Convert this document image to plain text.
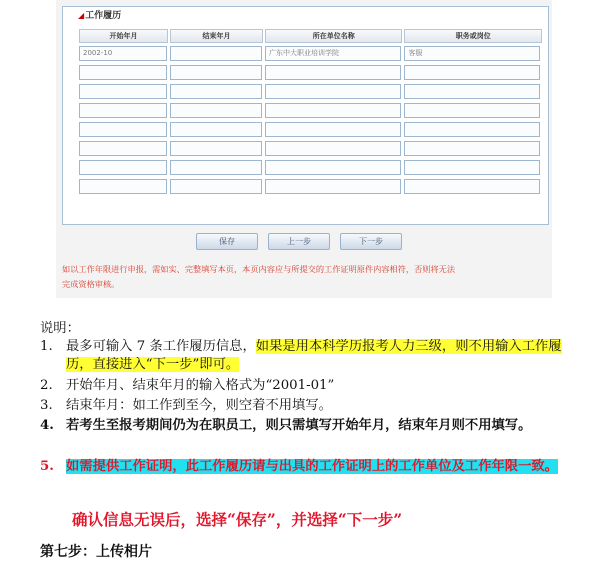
◢工作履历
开始年月	结束年月	所在单位名称	职务或岗位

2002-10		广东中大职业培训学院	客服

保存	上一步	下一步
如以工作年限进行申报，需如实、完整填写本页，本页内容应与所提交的工作证明原件内容相符，否则将无法
完成资格审核。
说明：
1. 最多可输入 7 条工作履历信息，如果是用本科学历报考人力三级，则不用输入工作履历，直接进入“下一步”即可。
2. 开始年月、结束年月的输入格式为“2001-01”
3. 结束年月：如工作到至今，则空着不用填写。
4. 若考生至报考期间仍为在职员工，则只需填写开始年月，结束年月则不用填写。
5. 如需提供工作证明，此工作履历请与出具的工作证明上的工作单位及工作年限一致。
确认信息无误后，选择“保存”，并选择“下一步”
第七步：上传相片
